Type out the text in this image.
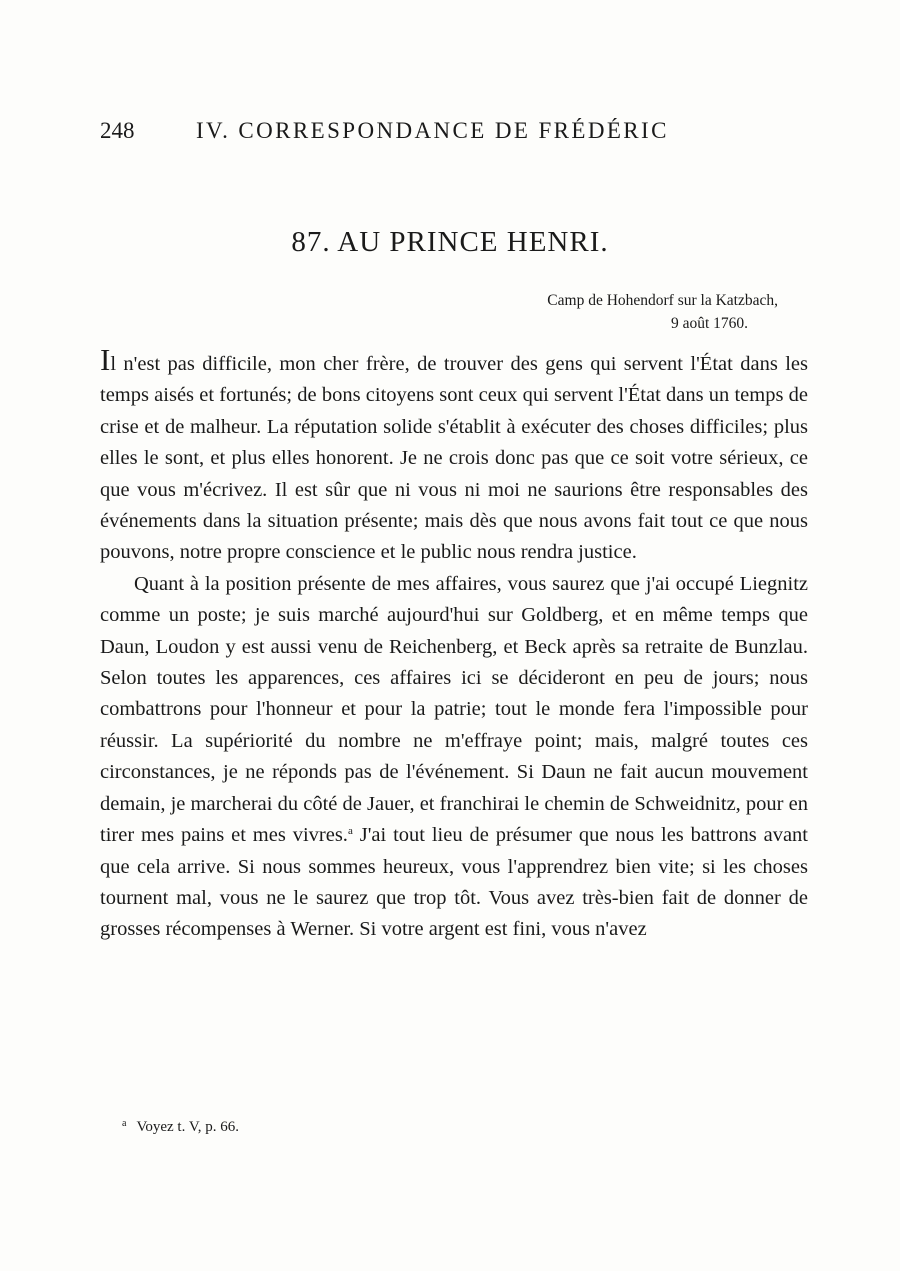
248	IV. CORRESPONDANCE DE FRÉDÉRIC
87. AU PRINCE HENRI.
Camp de Hohendorf sur la Katzbach,
9 août 1760.

Il n'est pas difficile, mon cher frère, de trouver des gens qui servent l'État dans les temps aisés et fortunés; de bons citoyens sont ceux qui servent l'État dans un temps de crise et de malheur. La réputation solide s'établit à exécuter des choses difficiles; plus elles le sont, et plus elles honorent. Je ne crois donc pas que ce soit votre sérieux, ce que vous m'écrivez. Il est sûr que ni vous ni moi ne saurions être responsables des événements dans la situation présente; mais dès que nous avons fait tout ce que nous pouvons, notre propre conscience et le public nous rendra justice.

Quant à la position présente de mes affaires, vous saurez que j'ai occupé Liegnitz comme un poste; je suis marché aujourd'hui sur Goldberg, et en même temps que Daun, Loudon y est aussi venu de Reichenberg, et Beck après sa retraite de Bunzlau. Selon toutes les apparences, ces affaires ici se décideront en peu de jours; nous combattrons pour l'honneur et pour la patrie; tout le monde fera l'impossible pour réussir. La supériorité du nombre ne m'effraye point; mais, malgré toutes ces circonstances, je ne réponds pas de l'événement. Si Daun ne fait aucun mouvement demain, je marcherai du côté de Jauer, et franchirai le chemin de Schweidnitz, pour en tirer mes pains et mes vivres.$^a$ J'ai tout lieu de présumer que nous les battrons avant que cela arrive. Si nous sommes heureux, vous l'apprendrez bien vite; si les choses tournent mal, vous ne le saurez que trop tôt. Vous avez très-bien fait de donner de grosses récompenses à Werner. Si votre argent est fini, vous n'avez

$^a$ Voyez t. V, p. 66.
